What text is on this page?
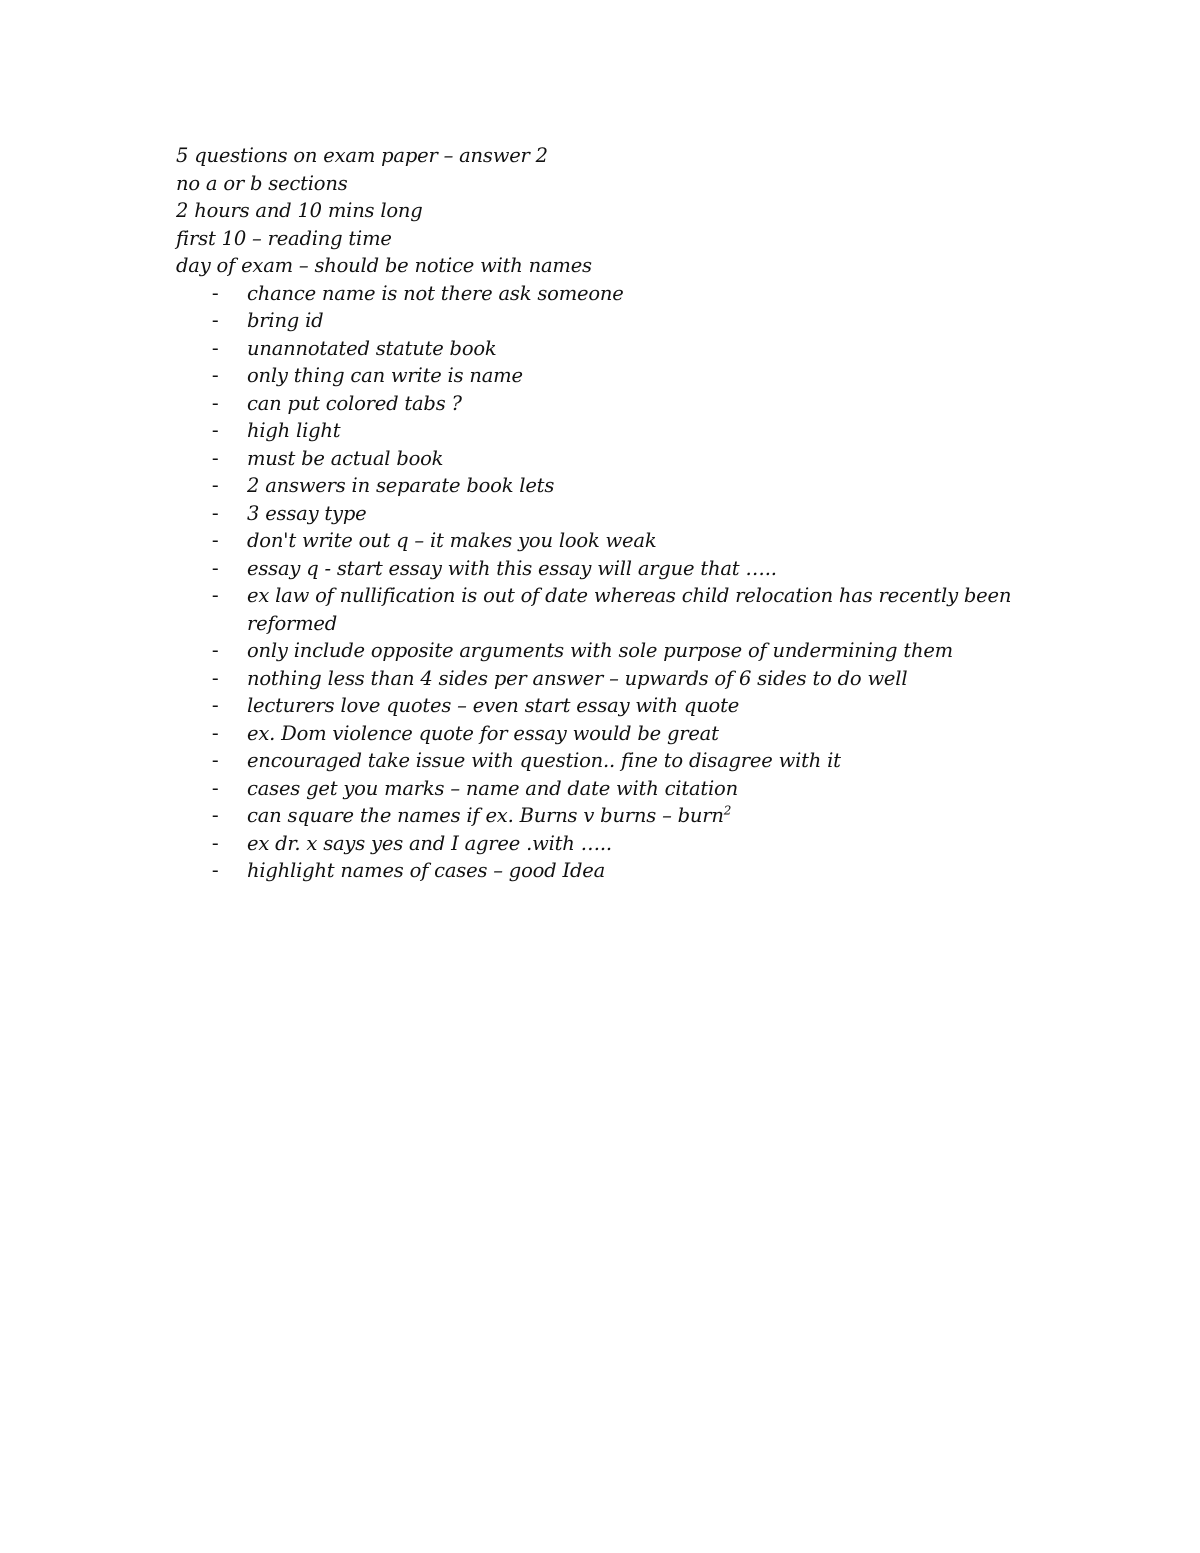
5 questions on exam paper – answer 2

no a or b sections

2 hours and 10 mins long

first 10 – reading time

day of exam – should be notice with names

- chance name is not there ask someone
- bring id
- unannotated statute book
- only thing can write is name
- can put colored tabs ?
- high light
- must be actual book
- 2 answers in separate book lets
- 3 essay type
- don't write out q – it makes you look weak
- essay q - start essay with this essay will argue that …..
- ex law of nullification is out of date whereas child relocation has recently been reformed
- only include opposite arguments with sole purpose of undermining them
- nothing less than 4 sides per answer – upwards of 6 sides to do well
- lecturers love quotes – even start essay with quote
- ex. Dom violence quote for essay would be great
- encouraged take issue with question.. fine to disagree with it
- cases get you marks – name and date with citation
- can square the names if ex. Burns v burns – burn$^2$
- ex dr. x says yes and I agree .with …..
- highlight names of cases – good Idea
